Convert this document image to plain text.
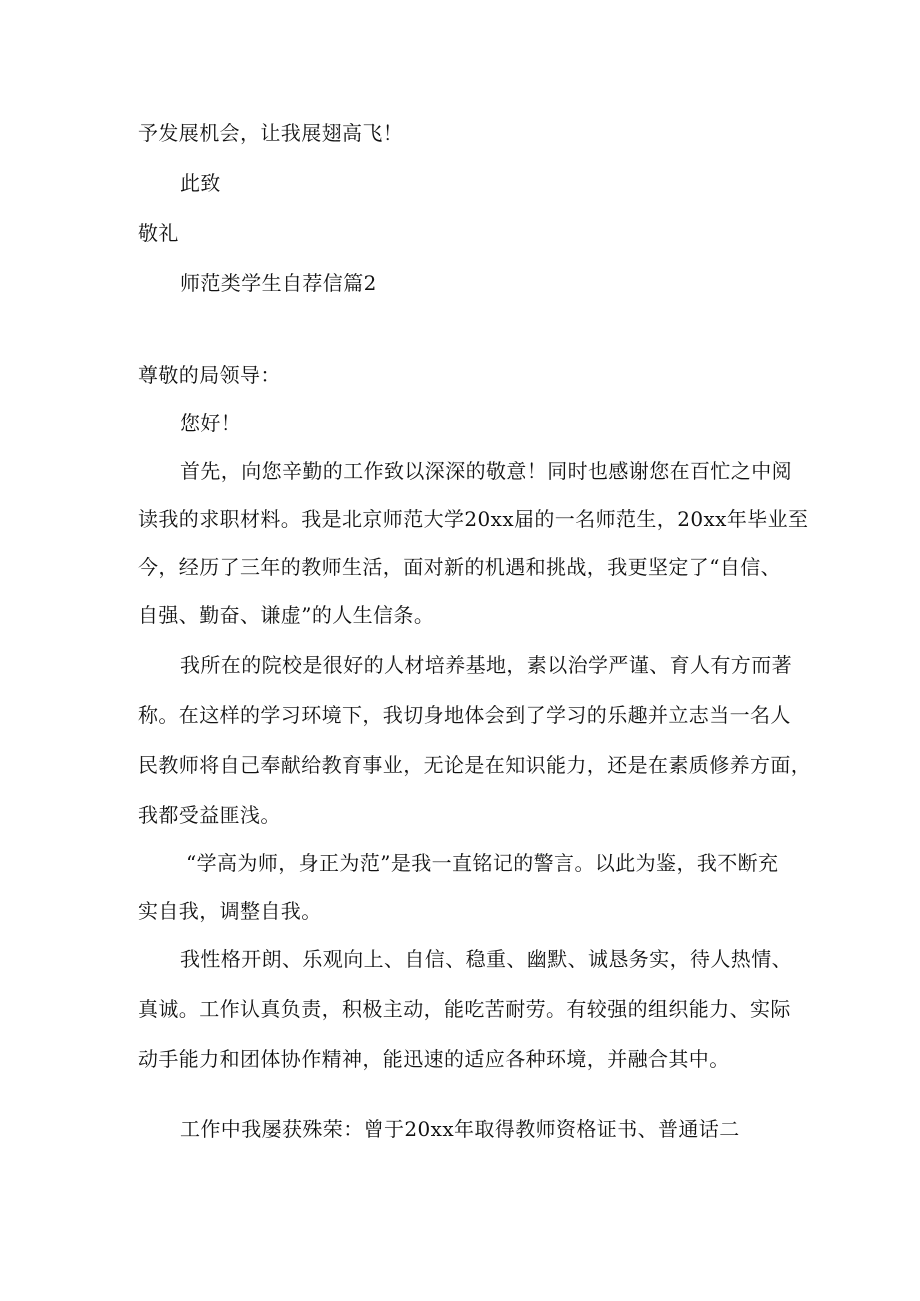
予发展机会，让我展翅高飞！
此致
敬礼
师范类学生自荐信篇2
尊敬的局领导：
您好！
首先，向您辛勤的工作致以深深的敬意！同时也感谢您在百忙之中阅
读我的求职材料。我是北京师范大学20xx届的一名师范生，20xx年毕业至
今，经历了三年的教师生活，面对新的机遇和挑战，我更坚定了“自信、
自强、勤奋、谦虚”的人生信条。
我所在的院校是很好的人材培养基地，素以治学严谨、育人有方而著
称。在这样的学习环境下，我切身地体会到了学习的乐趣并立志当一名人
民教师将自己奉献给教育事业，无论是在知识能力，还是在素质修养方面，
我都受益匪浅。
“学高为师，身正为范”是我一直铭记的警言。以此为鉴，我不断充
实自我，调整自我。
我性格开朗、乐观向上、自信、稳重、幽默、诚恳务实，待人热情、
真诚。工作认真负责，积极主动，能吃苦耐劳。有较强的组织能力、实际
动手能力和团体协作精神，能迅速的适应各种环境，并融合其中。
工作中我屡获殊荣：曾于20xx年取得教师资格证书、普通话二
